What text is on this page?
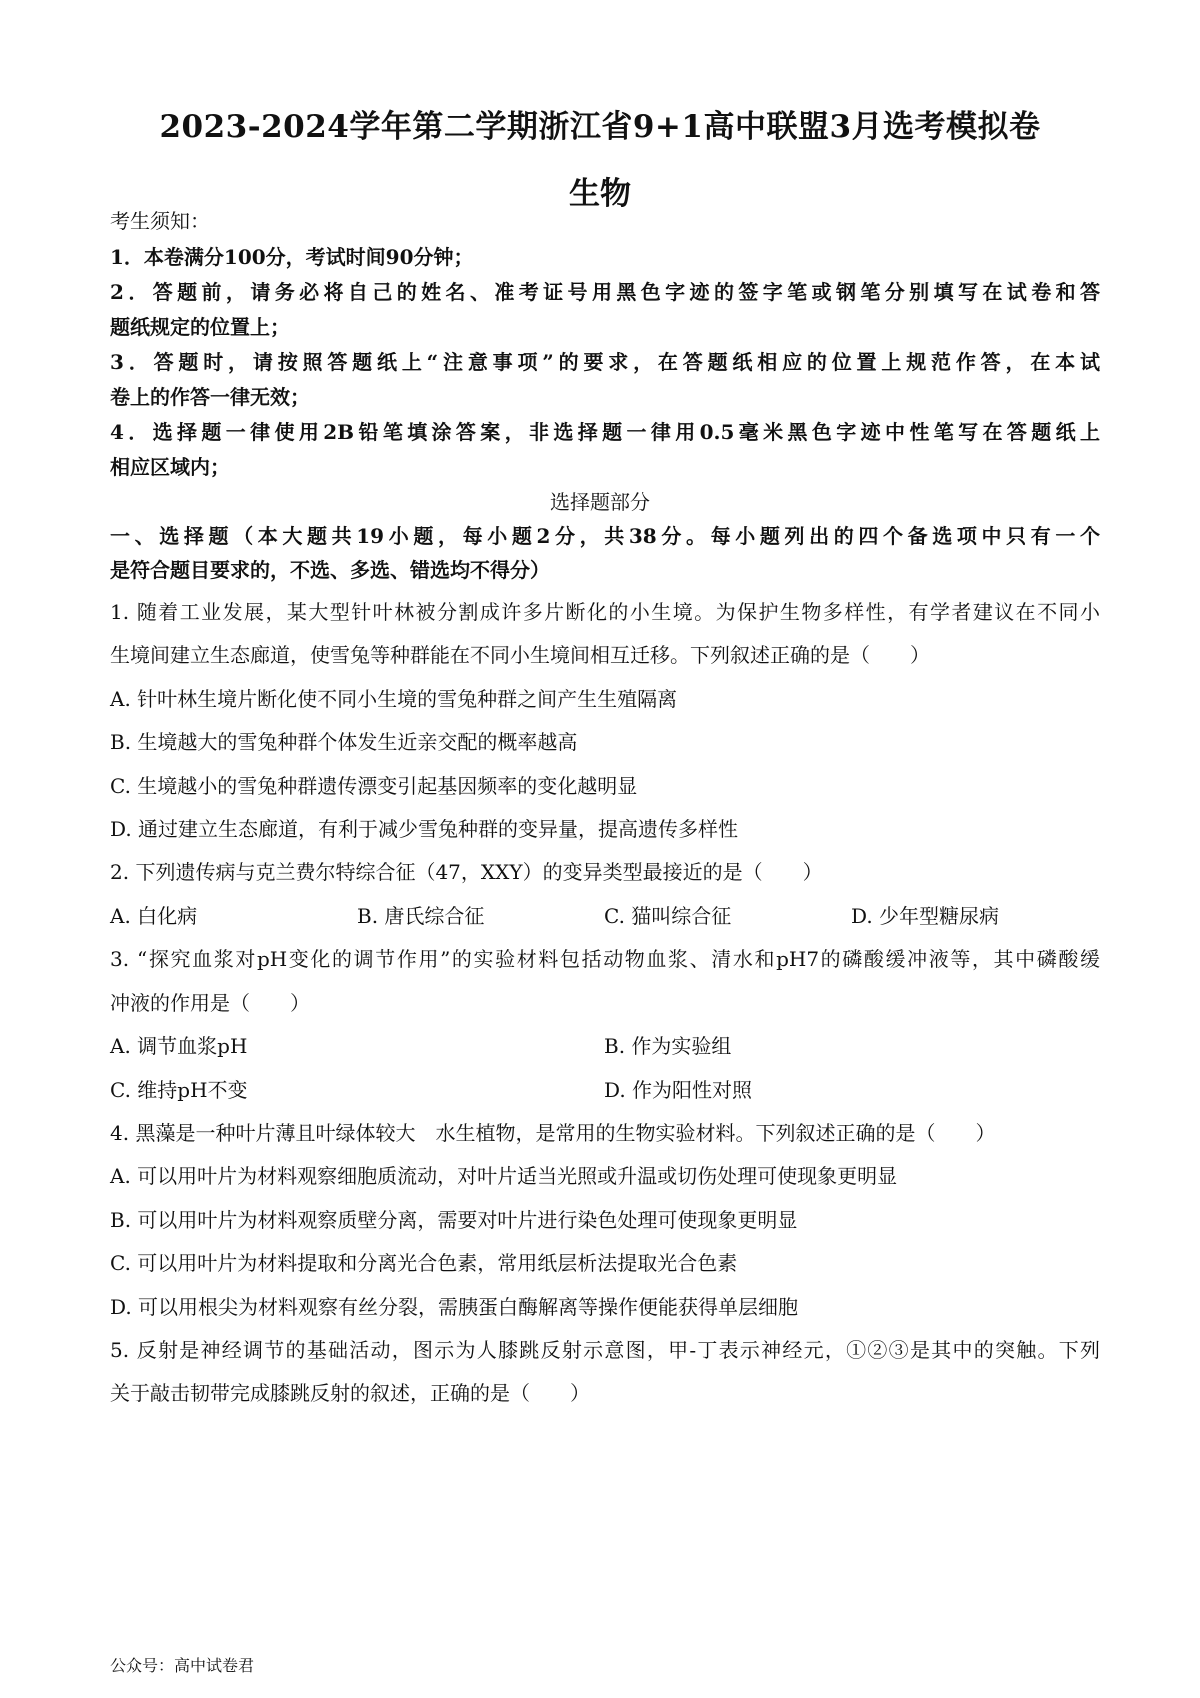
2023-2024学年第二学期浙江省9+1高中联盟3月选考模拟卷
生物
考生须知：
1．本卷满分100分，考试时间90分钟；
2．答题前，请务必将自己的姓名、准考证号用黑色字迹的签字笔或钢笔分别填写在试卷和答
题纸规定的位置上；
3．答题时，请按照答题纸上“注意事项”的要求，在答题纸相应的位置上规范作答，在本试
卷上的作答一律无效；
4．选择题一律使用2B铅笔填涂答案，非选择题一律用0.5毫米黑色字迹中性笔写在答题纸上
相应区域内；
选择题部分
一、选择题（本大题共19小题，每小题2分，共38分。每小题列出的四个备选项中只有一个
是符合题目要求的，不选、多选、错选均不得分）
1. 随着工业发展，某大型针叶林被分割成许多片断化的小生境。为保护生物多样性，有学者建议在不同小
生境间建立生态廊道，使雪兔等种群能在不同小生境间相互迁移。下列叙述正确的是（　　）
A. 针叶林生境片断化使不同小生境的雪兔种群之间产生生殖隔离
B. 生境越大的雪兔种群个体发生近亲交配的概率越高
C. 生境越小的雪兔种群遗传漂变引起基因频率的变化越明显
D. 通过建立生态廊道，有利于减少雪兔种群的变异量，提高遗传多样性
2. 下列遗传病与克兰费尔特综合征（47，XXY）的变异类型最接近的是（　　）
A. 白化病	B. 唐氏综合征	C. 猫叫综合征	D. 少年型糖尿病
3. “探究血浆对pH变化的调节作用”的实验材料包括动物血浆、清水和pH7的磷酸缓冲液等，其中磷酸缓
冲液的作用是（　　）
A. 调节血浆pH	B. 作为实验组
C. 维持pH不变	D. 作为阳性对照
4. 黑藻是一种叶片薄且叶绿体较大　水生植物，是常用的生物实验材料。下列叙述正确的是（　　）
A. 可以用叶片为材料观察细胞质流动，对叶片适当光照或升温或切伤处理可使现象更明显
B. 可以用叶片为材料观察质壁分离，需要对叶片进行染色处理可使现象更明显
C. 可以用叶片为材料提取和分离光合色素，常用纸层析法提取光合色素
D. 可以用根尖为材料观察有丝分裂，需胰蛋白酶解离等操作便能获得单层细胞
5. 反射是神经调节的基础活动，图示为人膝跳反射示意图，甲-丁表示神经元，①②③是其中的突触。下列
关于敲击韧带完成膝跳反射的叙述，正确的是（　　）
公众号：高中试卷君
